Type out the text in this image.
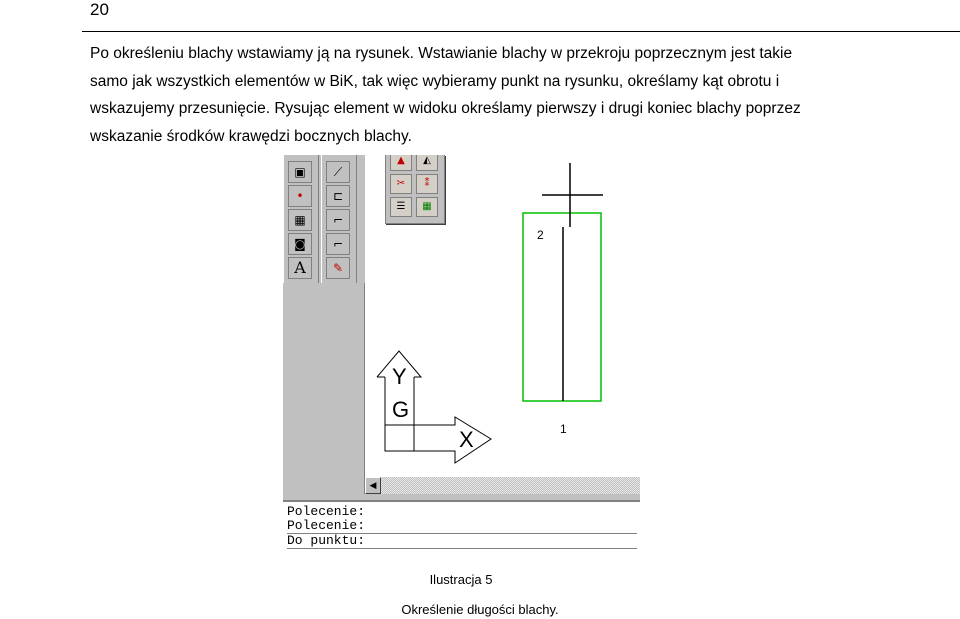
20
Po określeniu blachy wstawiamy ją na rysunek. Wstawianie blachy w przekroju poprzecznym jest takie
samo jak wszystkich elementów w BiK, tak więc wybieramy punkt na rysunku, określamy kąt obrotu i
wskazujemy przesunięcie. Rysując element w widoku określamy pierwszy i drugi koniec blachy poprzez
wskazanie środków krawędzi bocznych blachy.
▣
•
▦
◙
A
⟋
⊏
⌐
⌐
✎
Y
G
X
2
1
▲	◭
✂	⁑
☰	▦
◀
Polecenie:
Polecenie:
Do punktu:
Ilustracja 5
Określenie długości blachy.
